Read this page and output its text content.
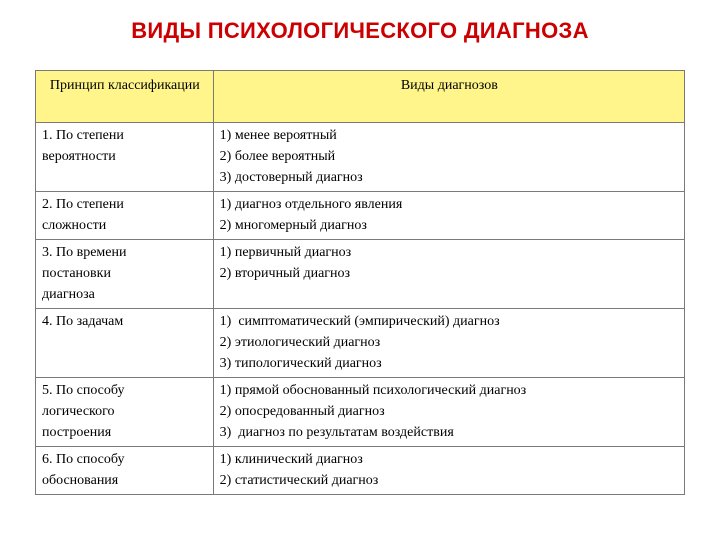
ВИДЫ ПСИХОЛОГИЧЕСКОГО ДИАГНОЗА
Принцип классификации	Виды диагнозов

1. По степени
вероятности	1) менее вероятный
2) более вероятный
3) достоверный диагноз

2. По степени
сложности	1) диагноз отдельного явления
2) многомерный диагноз

3. По времени
постановки
диагноза	1) первичный диагноз
2) вторичный диагноз

4. По задачам	1)  симптоматический (эмпирический) диагноз
2) этиологический диагноз
3) типологический диагноз

5. По способу
логического
построения	1) прямой обоснованный психологический диагноз
2) опосредованный диагноз
3)  диагноз по результатам воздействия

6. По способу
обоснования	1) клинический диагноз
2) статистический диагноз
